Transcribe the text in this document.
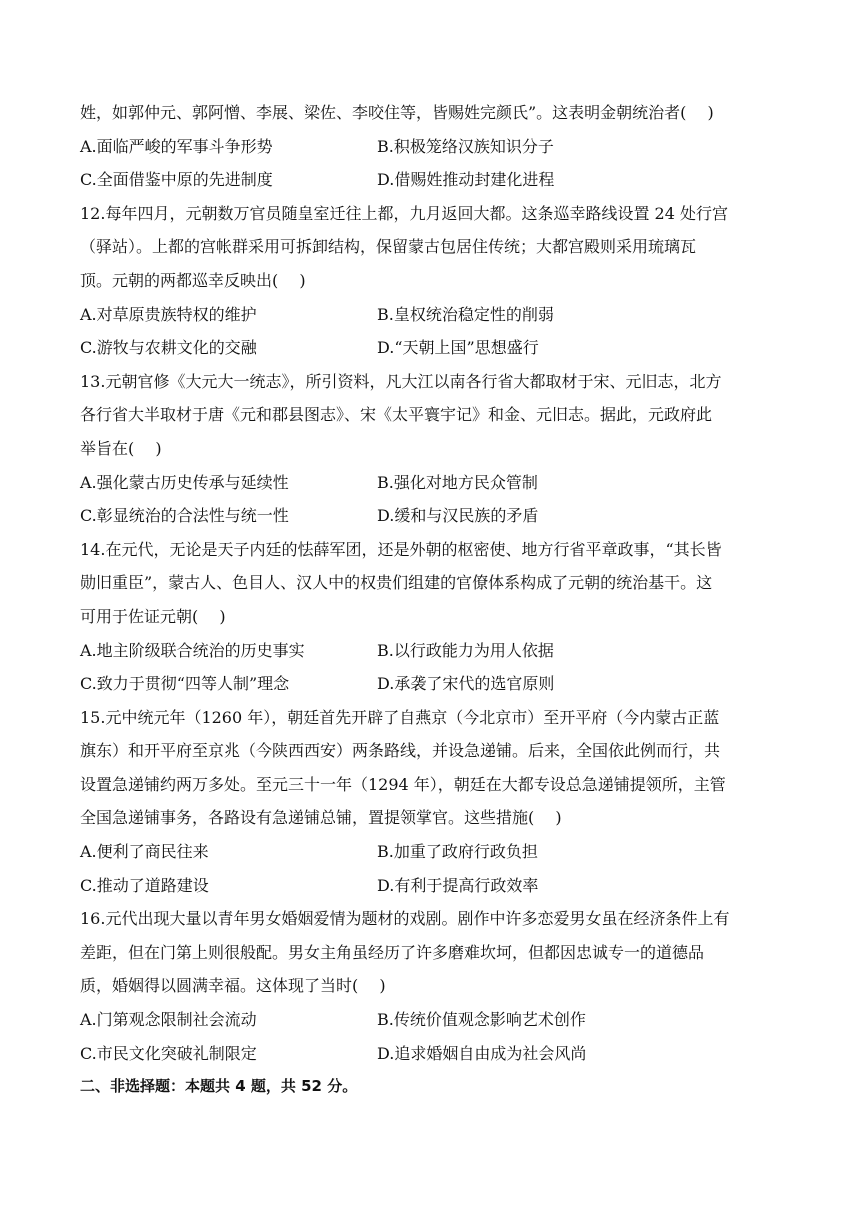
姓，如郭仲元、郭阿憎、李展、梁佐、李咬住等，皆赐姓完颜氏”。这表明金朝统治者(　 )
A.面临严峻的军事斗争形势	B.积极笼络汉族知识分子
C.全面借鉴中原的先进制度	D.借赐姓推动封建化进程
12.每年四月，元朝数万官员随皇室迁往上都，九月返回大都。这条巡幸路线设置 24 处行宫
（驿站）。上都的宫帐群采用可拆卸结构，保留蒙古包居住传统；大都宫殿则采用琉璃瓦
顶。元朝的两都巡幸反映出(　 )
A.对草原贵族特权的维护	B.皇权统治稳定性的削弱
C.游牧与农耕文化的交融	D.“天朝上国”思想盛行
13.元朝官修《大元大一统志》，所引资料，凡大江以南各行省大都取材于宋、元旧志，北方
各行省大半取材于唐《元和郡县图志》、宋《太平寰宇记》和金、元旧志。据此，元政府此
举旨在(　 )
A.强化蒙古历史传承与延续性	B.强化对地方民众管制
C.彰显统治的合法性与统一性	D.缓和与汉民族的矛盾
14.在元代，无论是天子内廷的怯薛军团，还是外朝的枢密使、地方行省平章政事，“其长皆
勋旧重臣”，蒙古人、色目人、汉人中的权贵们组建的官僚体系构成了元朝的统治基干。这
可用于佐证元朝(　 )
A.地主阶级联合统治的历史事实	B.以行政能力为用人依据
C.致力于贯彻“四等人制”理念	D.承袭了宋代的选官原则
15.元中统元年（1260 年），朝廷首先开辟了自燕京（今北京市）至开平府（今内蒙古正蓝
旗东）和开平府至京兆（今陕西西安）两条路线，并设急递铺。后来，全国依此例而行，共
设置急递铺约两万多处。至元三十一年（1294 年），朝廷在大都专设总急递铺提领所，主管
全国急递铺事务，各路设有急递铺总铺，置提领掌官。这些措施(　 )
A.便利了商民往来	B.加重了政府行政负担
C.推动了道路建设	D.有利于提高行政效率
16.元代出现大量以青年男女婚姻爱情为题材的戏剧。剧作中许多恋爱男女虽在经济条件上有
差距，但在门第上则很般配。男女主角虽经历了许多磨难坎坷，但都因忠诚专一的道德品
质，婚姻得以圆满幸福。这体现了当时(　 )
A.门第观念限制社会流动	B.传统价值观念影响艺术创作
C.市民文化突破礼制限定	D.追求婚姻自由成为社会风尚
二、非选择题：本题共 4 题，共 52 分。
